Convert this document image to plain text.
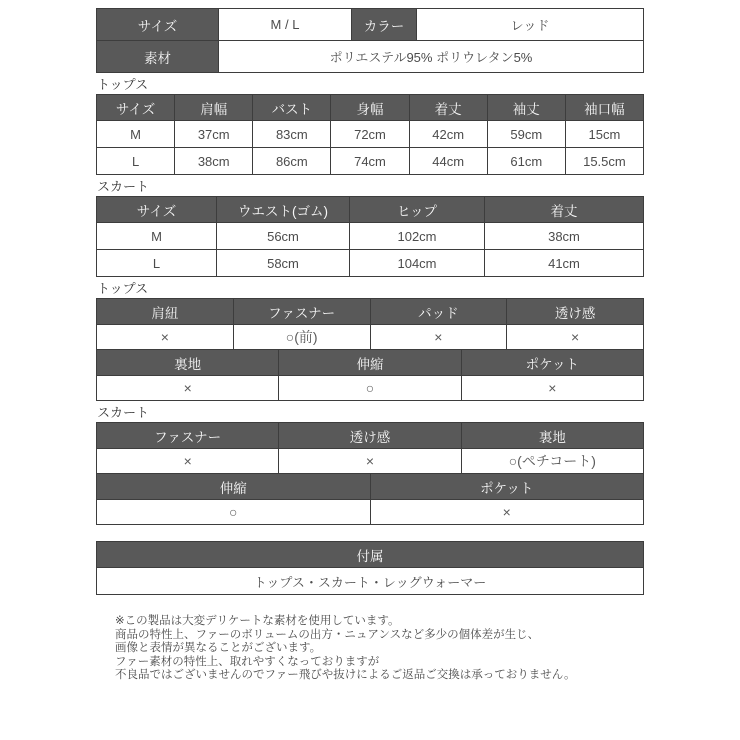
サイズ	M / L	カラー	レッド
素材	ポリエステル95% ポリウレタン5%		
トップス
サイズ	肩幅	バスト	身幅	着丈	袖丈	袖口幅
M	37cm	83cm	72cm	42cm	59cm	15cm
L	38cm	86cm	74cm	44cm	61cm	15.5cm
スカート
サイズ	ウエスト(ゴム)	ヒップ	着丈
M	56cm	102cm	38cm
L	58cm	104cm	41cm
トップス
肩紐	ファスナー	パッド	透け感
×	○(前)	×	×
裏地	伸縮	ポケット
×	○	×
スカート
ファスナー	透け感	裏地
×	×	○(ペチコート)
伸縮	ポケット
○	×
付属
トップス・スカート・レッグウォーマー
※この製品は大変デリケートな素材を使用しています。
商品の特性上、ファーのボリュームの出方・ニュアンスなど多少の個体差が生じ、
画像と表情が異なることがございます。
ファー素材の特性上、取れやすくなっておりますが
不良品ではございませんのでファー飛びや抜けによるご返品ご交換は承っておりません。
